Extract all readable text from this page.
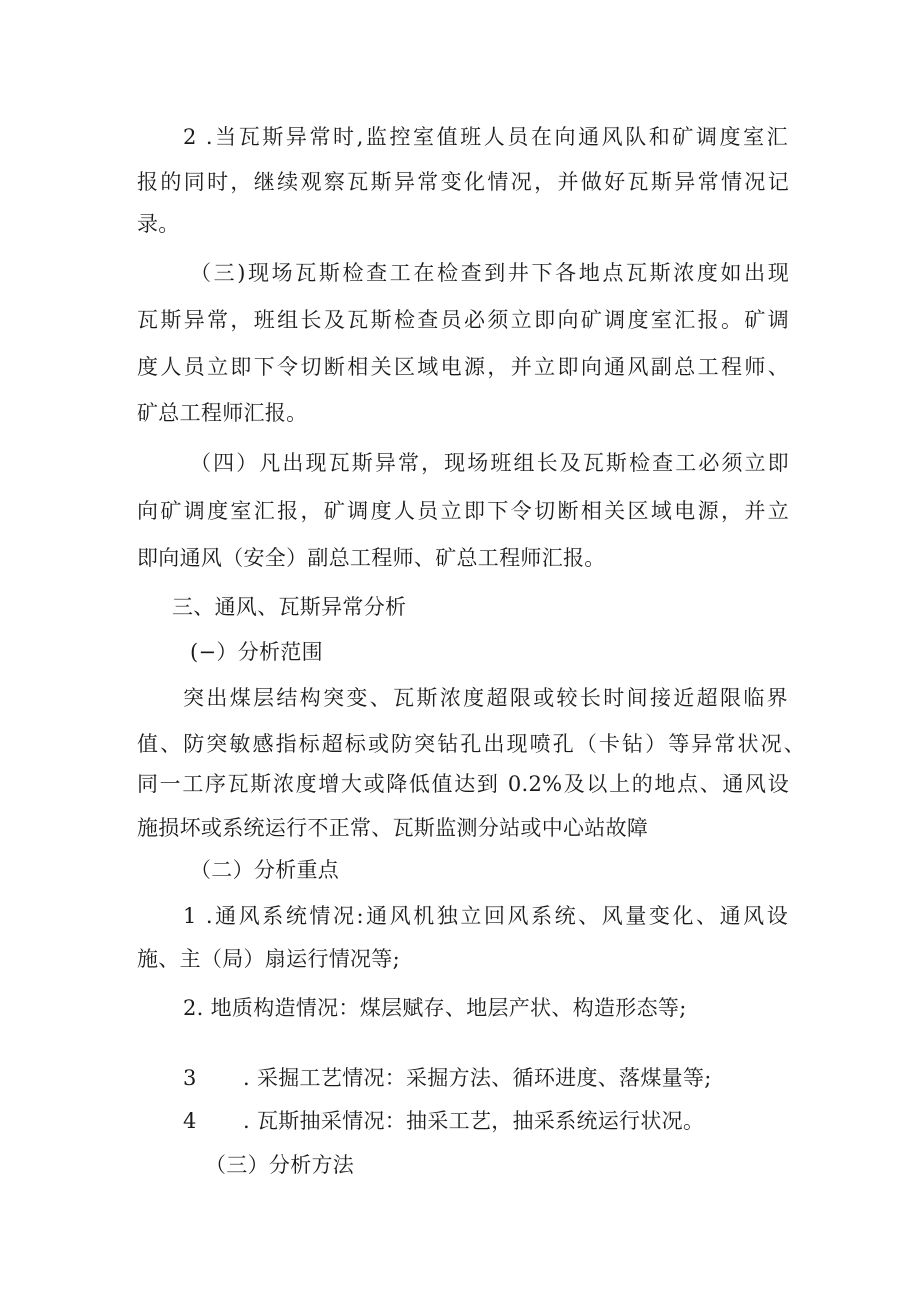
2 .当瓦斯异常时,监控室值班人员在向通风队和矿调度室汇
报的同时，继续观察瓦斯异常变化情况，并做好瓦斯异常情况记
录。
（三)现场瓦斯检查工在检查到井下各地点瓦斯浓度如出现
瓦斯异常，班组长及瓦斯检查员必须立即向矿调度室汇报。矿调
度人员立即下令切断相关区域电源，并立即向通风副总工程师、
矿总工程师汇报。
（四）凡出现瓦斯异常，现场班组长及瓦斯检查工必须立即
向矿调度室汇报，矿调度人员立即下令切断相关区域电源，并立
即向通风（安全）副总工程师、矿总工程师汇报。
三、通风、瓦斯异常分析
(−）分析范围
突出煤层结构突变、瓦斯浓度超限或较长时间接近超限临界
值、防突敏感指标超标或防突钻孔出现喷孔（卡钻）等异常状况、
同一工序瓦斯浓度增大或降低值达到 0.2%及以上的地点、通风设
施损坏或系统运行不正常、瓦斯监测分站或中心站故障
（二）分析重点
1 .通风系统情况:通风机独立回风系统、风量变化、通风设
施、主（局）扇运行情况等;
2. 地质构造情况：煤层赋存、地层产状、构造形态等;
3 . 采掘工艺情况：采掘方法、循环进度、落煤量等;
4 . 瓦斯抽采情况：抽采工艺，抽采系统运行状况。
（三）分析方法
